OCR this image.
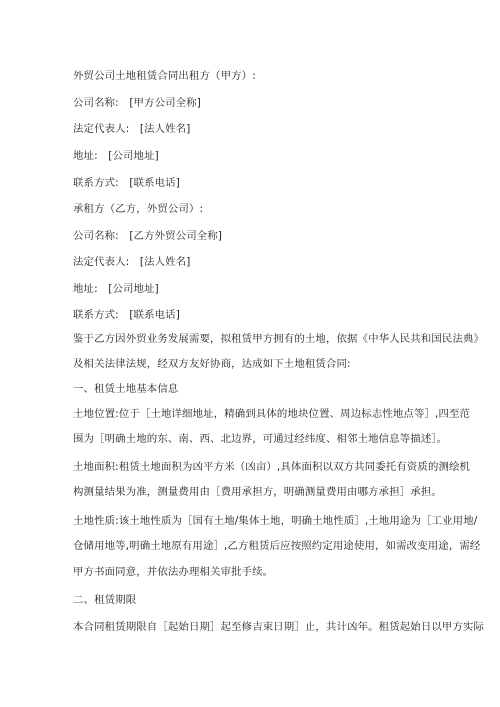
外贸公司土地租赁合同出租方（甲方）:
公司名称:　[甲方公司全称]
法定代表人:　[法人姓名]
地址:　[公司地址]
联系方式:　[联系电话]
承租方（乙方，外贸公司）:
公司名称:　[乙方外贸公司全称]
法定代表人:　[法人姓名]
地址:　[公司地址]
联系方式:　[联系电话]
鉴于乙方因外贸业务发展需要，拟租赁甲方拥有的土地，依据《中华人民共和国民法典》
及相关法律法规，经双方友好协商，达成如下土地租赁合同:
一、租赁土地基本信息
土地位置:位于［土地详细地址，精确到具体的地块位置、周边标志性地点等］,四至范
围为［明确土地的东、南、西、北边界，可通过经纬度、相邻土地信息等描述］。
土地面积:租赁土地面积为凶平方米（凶亩）,具体面积以双方共同委托有资质的测绘机
构测量结果为准，测量费用由［费用承担方，明确测量费用由哪方承担］承担。
土地性质:该土地性质为［国有土地/集体土地，明确土地性质］,土地用途为［工业用地/
仓储用地等,明确土地原有用途］,乙方租赁后应按照约定用途使用，如需改变用途，需经
甲方书面同意，并依法办理相关审批手续。
二、租赁期限
本合同租赁期限自［起始日期］起至修吉束日期］止，共计凶年。租赁起始日以甲方实际
